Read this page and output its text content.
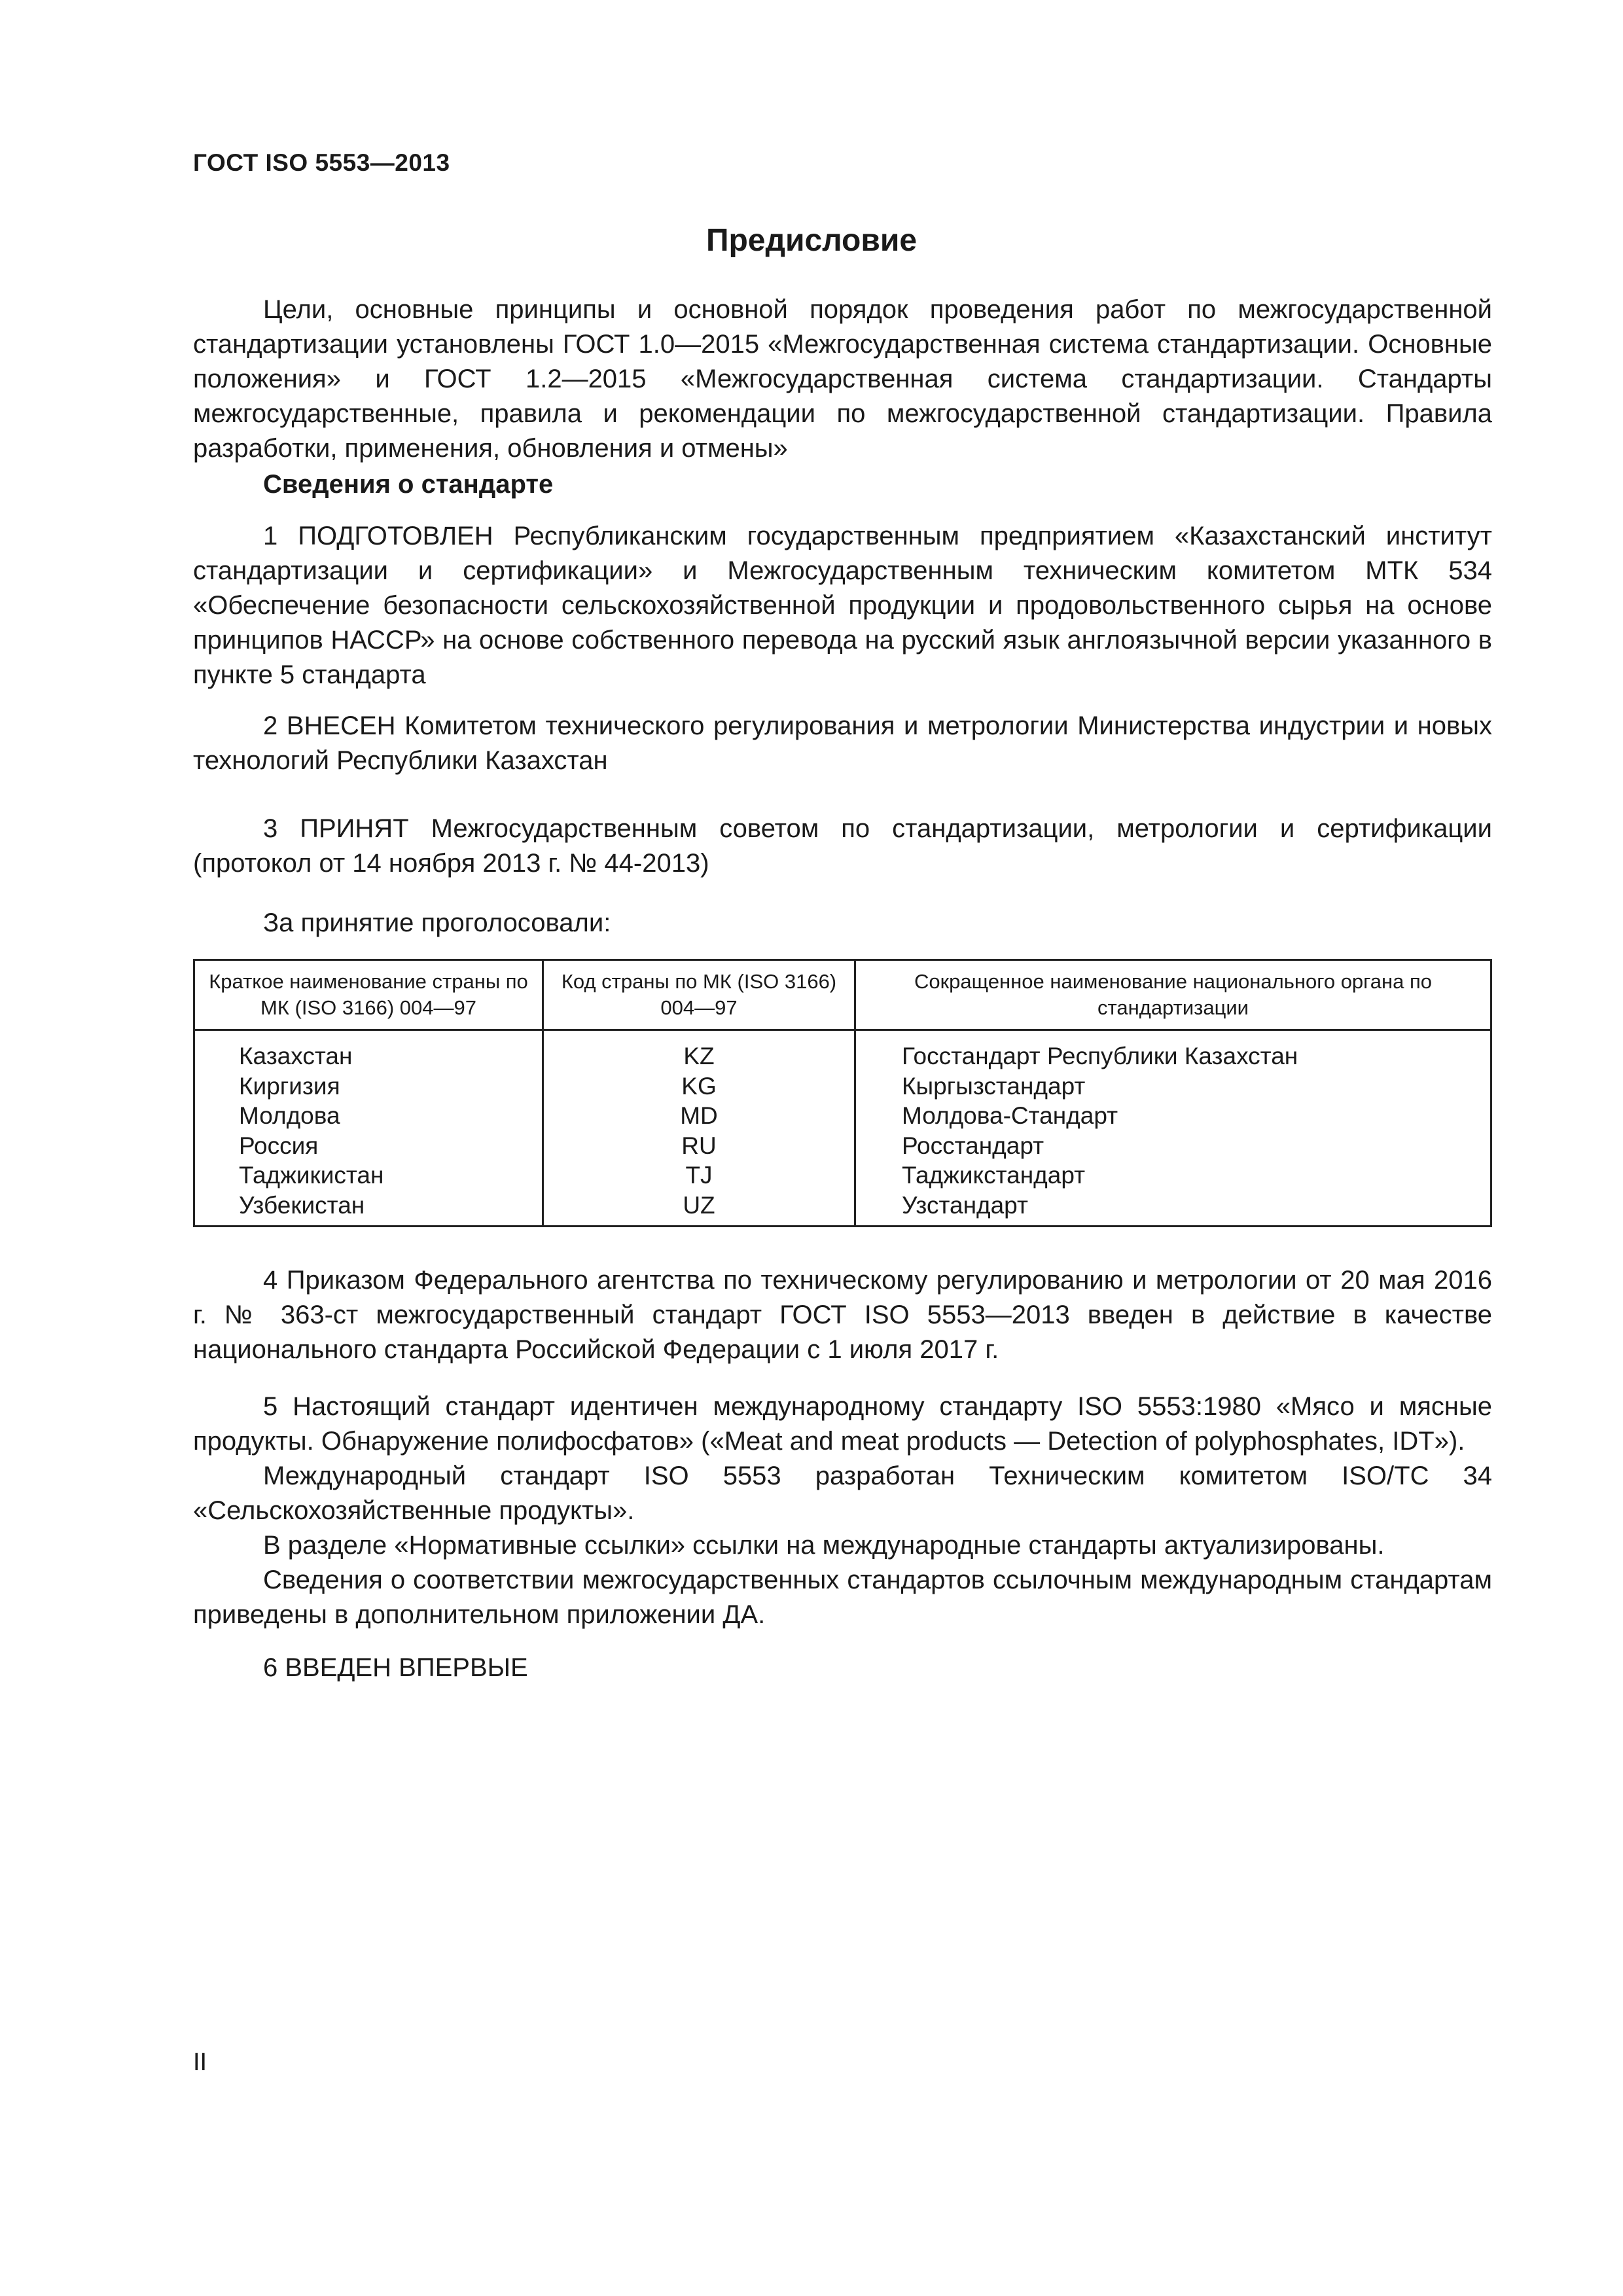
ГОСТ ISO 5553—2013
Предисловие

Цели, основные принципы и основной порядок проведения работ по межгосударственной стандартизации установлены ГОСТ 1.0—2015 «Межгосударственная система стандартизации. Основные положения» и ГОСТ 1.2—2015 «Межгосударственная система стандартизации. Стандарты межгосударственные, правила и рекомендации по межгосударственной стандартизации. Правила разработки, применения, обновления и отмены»

Сведения о стандарте

1 ПОДГОТОВЛЕН Республиканским государственным предприятием «Казахстанский институт стандартизации и сертификации» и Межгосударственным техническим комитетом МТК 534 «Обеспечение безопасности сельскохозяйственной продукции и продовольственного сырья на основе принципов НАССР» на основе собственного перевода на русский язык англоязычной версии указанного в пункте 5 стандарта

2 ВНЕСЕН Комитетом технического регулирования и метрологии Министерства индустрии и новых технологий Республики Казахстан

3 ПРИНЯТ Межгосударственным советом по стандартизации, метрологии и сертификации (протокол от 14 ноября 2013 г. № 44-2013)

За принятие проголосовали:
Краткое наименование страны по МК (ISO 3166) 004—97
Код страны по МК (ISO 3166) 004—97
Сокращенное наименование национального органа по стандартизации
Казахстан
Киргизия
Молдова
Россия
Таджикистан
Узбекистан
KZ
KG
MD
RU
TJ
UZ
Госстандарт Республики Казахстан
Кыргызстандарт
Молдова-Стандарт
Росстандарт
Таджикстандарт
Узстандарт

4 Приказом Федерального агентства по техническому регулированию и метрологии от 20 мая 2016 г. № 363-ст межгосударственный стандарт ГОСТ ISO 5553—2013 введен в действие в качестве национального стандарта Российской Федерации с 1 июля 2017 г.

5 Настоящий стандарт идентичен международному стандарту ISO 5553:1980 «Мясо и мясные продукты. Обнаружение полифосфатов» («Meat and meat products — Detection of polyphosphates, IDT»).

Международный стандарт ISO 5553 разработан Техническим комитетом ISO/TC 34 «Сельскохозяйственные продукты».

В разделе «Нормативные ссылки» ссылки на международные стандарты актуализированы.

Сведения о соответствии межгосударственных стандартов ссылочным международным стандартам приведены в дополнительном приложении ДА.

6 ВВЕДЕН ВПЕРВЫЕ

II
